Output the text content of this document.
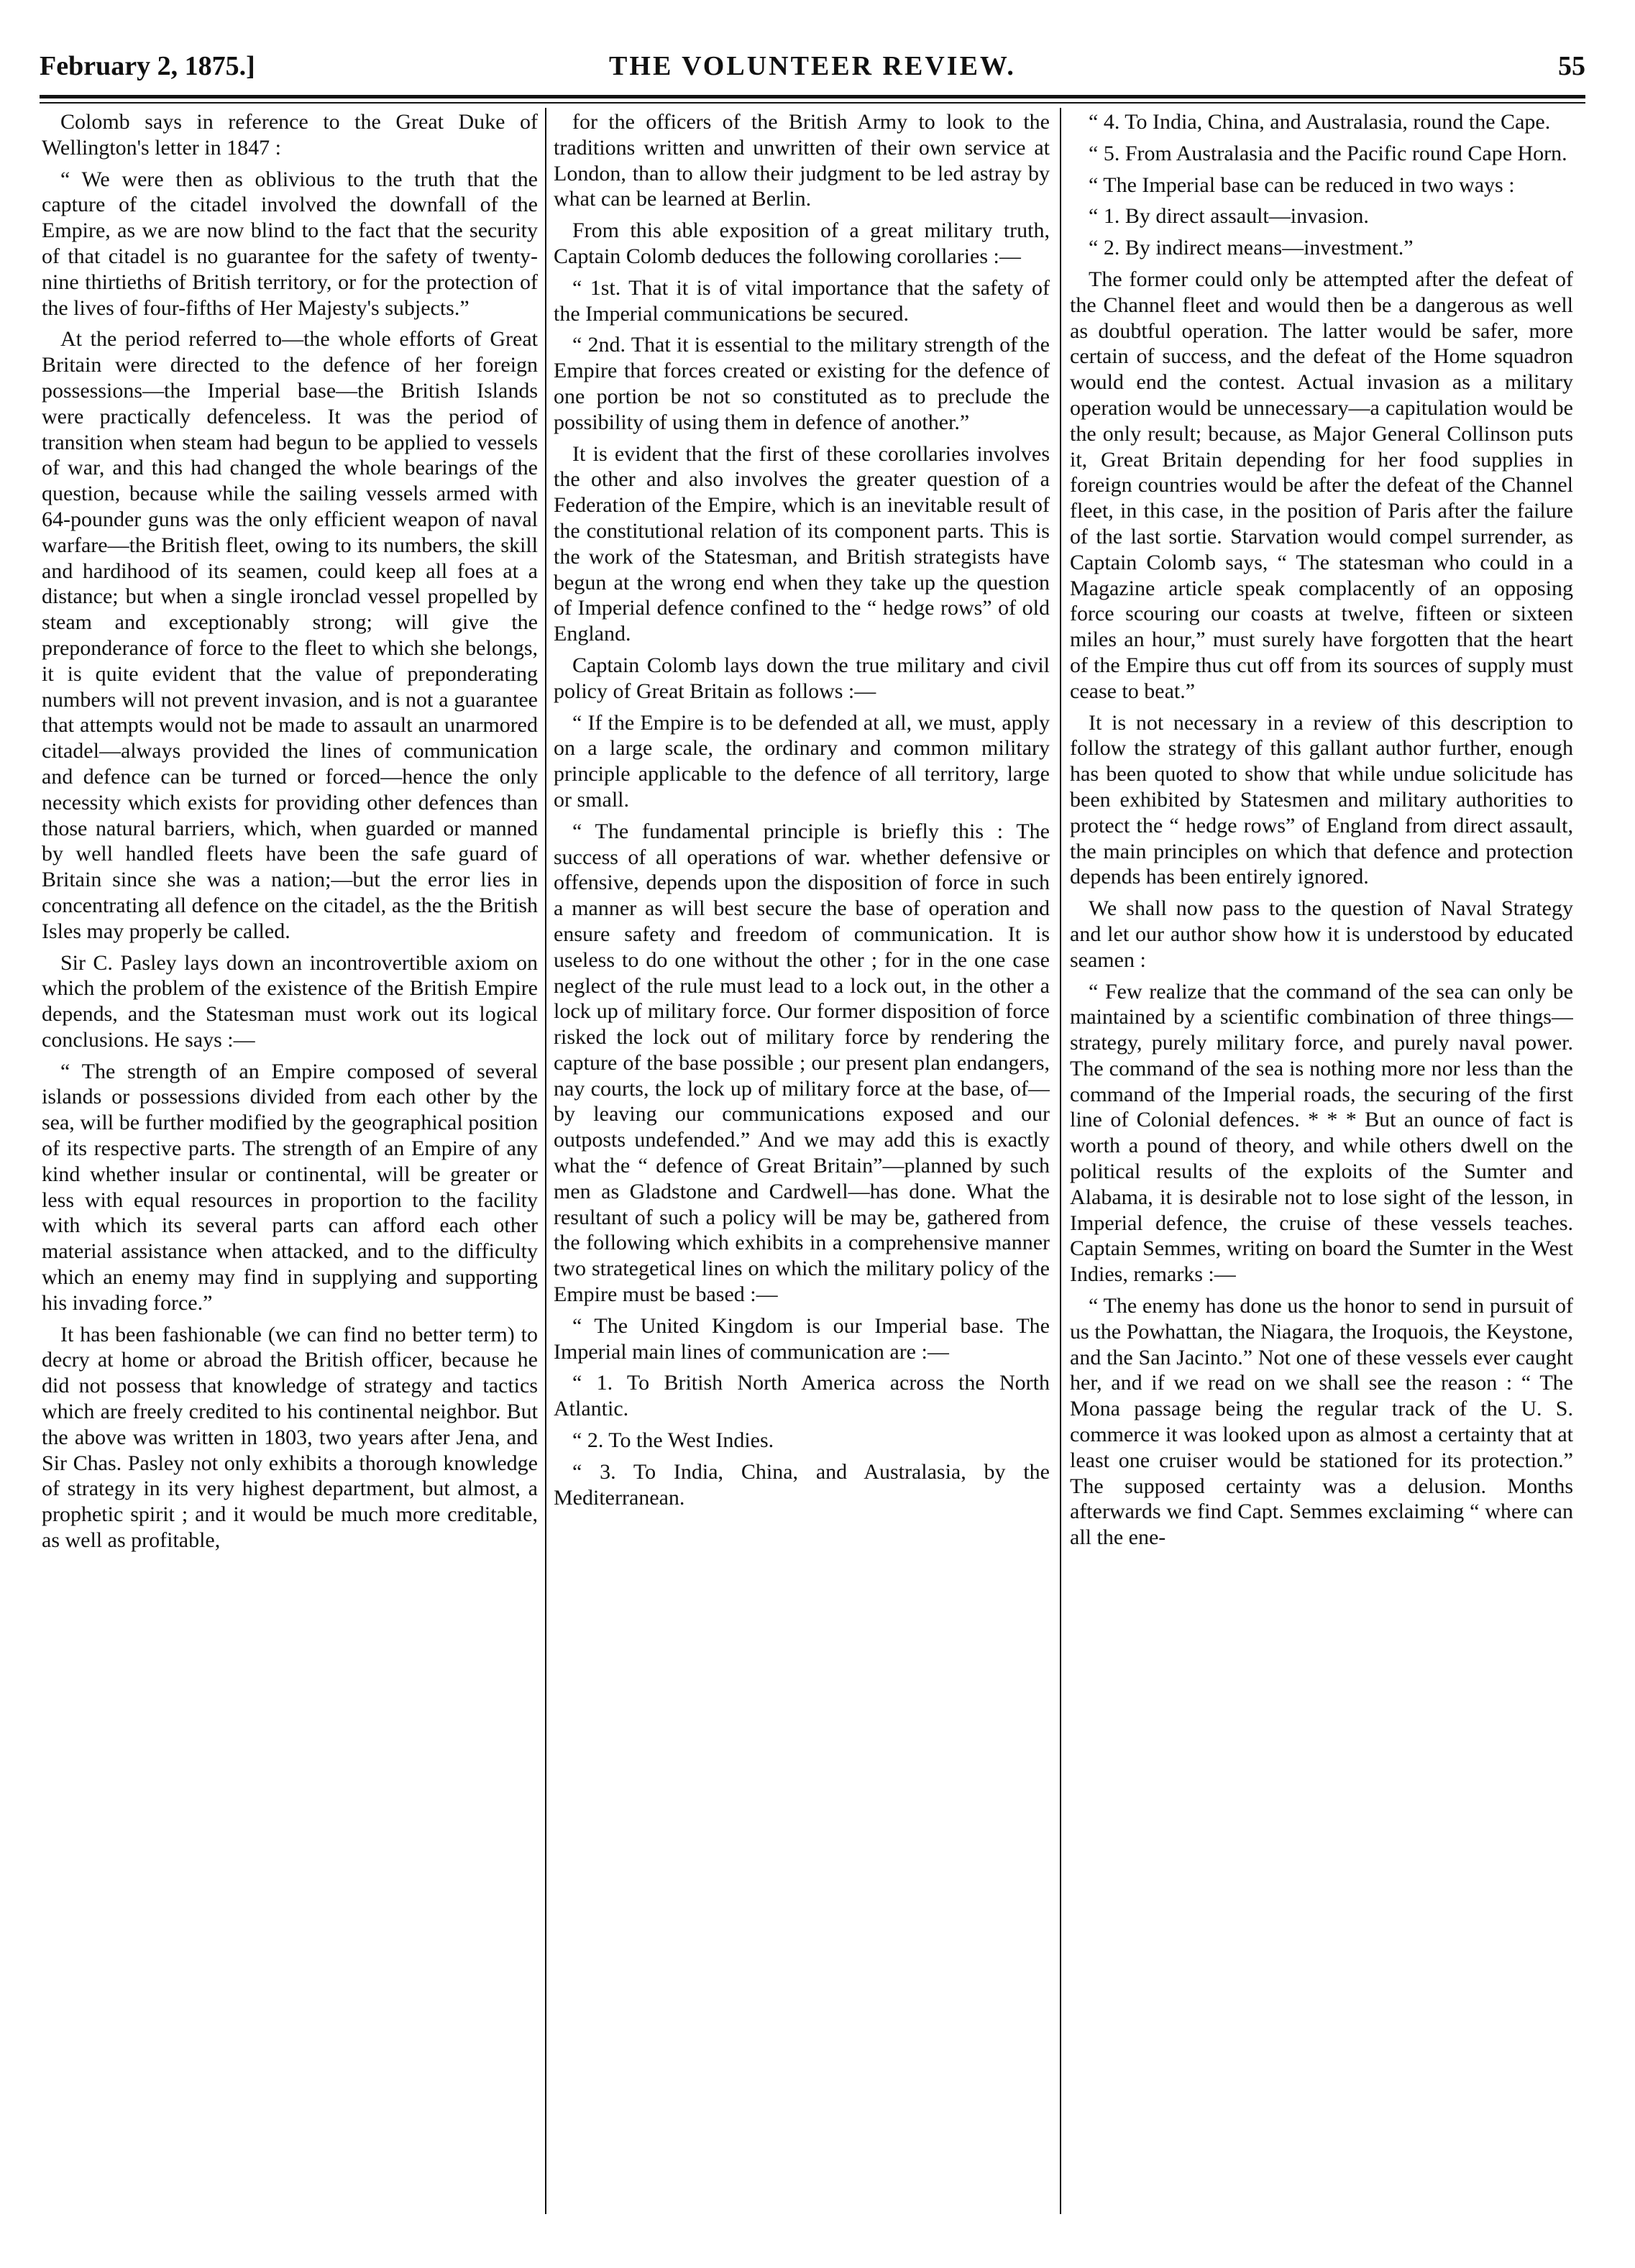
February 2, 1875.]	THE VOLUNTEER REVIEW.	55

Colomb says in reference to the Great Duke of Wellington's letter in 1847 :

“ We were then as oblivious to the truth that the capture of the citadel involved the downfall of the Empire, as we are now blind to the fact that the security of that citadel is no guarantee for the safety of twenty-nine thirtieths of British territory, or for the protection of the lives of four-fifths of Her Majesty's subjects.”

At the period referred to—the whole efforts of Great Britain were directed to the defence of her foreign possessions—the Imperial base—the British Islands were practically defenceless. It was the period of transition when steam had begun to be applied to vessels of war, and this had changed the whole bearings of the question, because while the sailing vessels armed with 64-pounder guns was the only efficient weapon of naval warfare—the British fleet, owing to its numbers, the skill and hardihood of its seamen, could keep all foes at a distance; but when a single ironclad vessel propelled by steam and exceptionably strong; will give the preponderance of force to the fleet to which she belongs, it is quite evident that the value of preponderating numbers will not prevent invasion, and is not a guarantee that attempts would not be made to assault an unarmored citadel—always provided the lines of communication and defence can be turned or forced—hence the only necessity which exists for providing other defences than those natural barriers, which, when guarded or manned by well handled fleets have been the safe guard of Britain since she was a nation;—but the error lies in concentrating all defence on the citadel, as the the British Isles may properly be called.

Sir C. Pasley lays down an incontrovertible axiom on which the problem of the existence of the British Empire depends, and the Statesman must work out its logical conclusions. He says :—

“ The strength of an Empire composed of several islands or possessions divided from each other by the sea, will be further modified by the geographical position of its respective parts. The strength of an Empire of any kind whether insular or continental, will be greater or less with equal resources in proportion to the facility with which its several parts can afford each other material assistance when attacked, and to the difficulty which an enemy may find in supplying and supporting his invading force.”

It has been fashionable (we can find no better term) to decry at home or abroad the British officer, because he did not possess that knowledge of strategy and tactics which are freely credited to his continental neighbor. But the above was written in 1803, two years after Jena, and Sir Chas. Pasley not only exhibits a thorough knowledge of strategy in its very highest department, but almost, a prophetic spirit ; and it would be much more creditable, as well as profitable,

for the officers of the British Army to look to the traditions written and unwritten of their own service at London, than to allow their judgment to be led astray by what can be learned at Berlin.

From this able exposition of a great military truth, Captain Colomb deduces the following corollaries :—

“ 1st. That it is of vital importance that the safety of the Imperial communications be secured.

“ 2nd. That it is essential to the military strength of the Empire that forces created or existing for the defence of one portion be not so constituted as to preclude the possibility of using them in defence of another.”

It is evident that the first of these corollaries involves the other and also involves the greater question of a Federation of the Empire, which is an inevitable result of the constitutional relation of its component parts. This is the work of the Statesman, and British strategists have begun at the wrong end when they take up the question of Imperial defence confined to the “ hedge rows” of old England.

Captain Colomb lays down the true military and civil policy of Great Britain as follows :—

“ If the Empire is to be defended at all, we must, apply on a large scale, the ordinary and common military principle applicable to the defence of all territory, large or small.

“ The fundamental principle is briefly this : The success of all operations of war. whether defensive or offensive, depends upon the disposition of force in such a manner as will best secure the base of operation and ensure safety and freedom of communication. It is useless to do one without the other ; for in the one case neglect of the rule must lead to a lock out, in the other a lock up of military force. Our former disposition of force risked the lock out of military force by rendering the capture of the base possible ; our present plan endangers, nay courts, the lock up of military force at the base, of—by leaving our communications exposed and our outposts undefended.” And we may add this is exactly what the “ defence of Great Britain”—planned by such men as Gladstone and Cardwell—has done. What the resultant of such a policy will be may be, gathered from the following which exhibits in a comprehensive manner two strategetical lines on which the military policy of the Empire must be based :—

“ The United Kingdom is our Imperial base. The Imperial main lines of communication are :—

“ 1. To British North America across the North Atlantic.

“ 2. To the West Indies.

“ 3. To India, China, and Australasia, by the Mediterranean.

“ 4. To India, China, and Australasia, round the Cape.

“ 5. From Australasia and the Pacific round Cape Horn.

“ The Imperial base can be reduced in two ways :

“ 1. By direct assault—invasion.

“ 2. By indirect means—investment.”

The former could only be attempted after the defeat of the Channel fleet and would then be a dangerous as well as doubtful operation. The latter would be safer, more certain of success, and the defeat of the Home squadron would end the contest. Actual invasion as a military operation would be unnecessary—a capitulation would be the only result; because, as Major General Collinson puts it, Great Britain depending for her food supplies in foreign countries would be after the defeat of the Channel fleet, in this case, in the position of Paris after the failure of the last sortie. Starvation would compel surrender, as Captain Colomb says, “ The statesman who could in a Magazine article speak complacently of an opposing force scouring our coasts at twelve, fifteen or sixteen miles an hour,” must surely have forgotten that the heart of the Empire thus cut off from its sources of supply must cease to beat.”

It is not necessary in a review of this description to follow the strategy of this gallant author further, enough has been quoted to show that while undue solicitude has been exhibited by Statesmen and military authorities to protect the “ hedge rows” of England from direct assault, the main principles on which that defence and protection depends has been entirely ignored.

We shall now pass to the question of Naval Strategy and let our author show how it is understood by educated seamen :

“ Few realize that the command of the sea can only be maintained by a scientific combination of three things—strategy, purely military force, and purely naval power. The command of the sea is nothing more nor less than the command of the Imperial roads, the securing of the first line of Colonial defences. * * * But an ounce of fact is worth a pound of theory, and while others dwell on the political results of the exploits of the Sumter and Alabama, it is desirable not to lose sight of the lesson, in Imperial defence, the cruise of these vessels teaches. Captain Semmes, writing on board the Sumter in the West Indies, remarks :—

“ The enemy has done us the honor to send in pursuit of us the Powhattan, the Niagara, the Iroquois, the Keystone, and the San Jacinto.” Not one of these vessels ever caught her, and if we read on we shall see the reason : “ The Mona passage being the regular track of the U. S. commerce it was looked upon as almost a certainty that at least one cruiser would be stationed for its protection.” The supposed certainty was a delusion. Months afterwards we find Capt. Semmes exclaiming “ where can all the ene-
